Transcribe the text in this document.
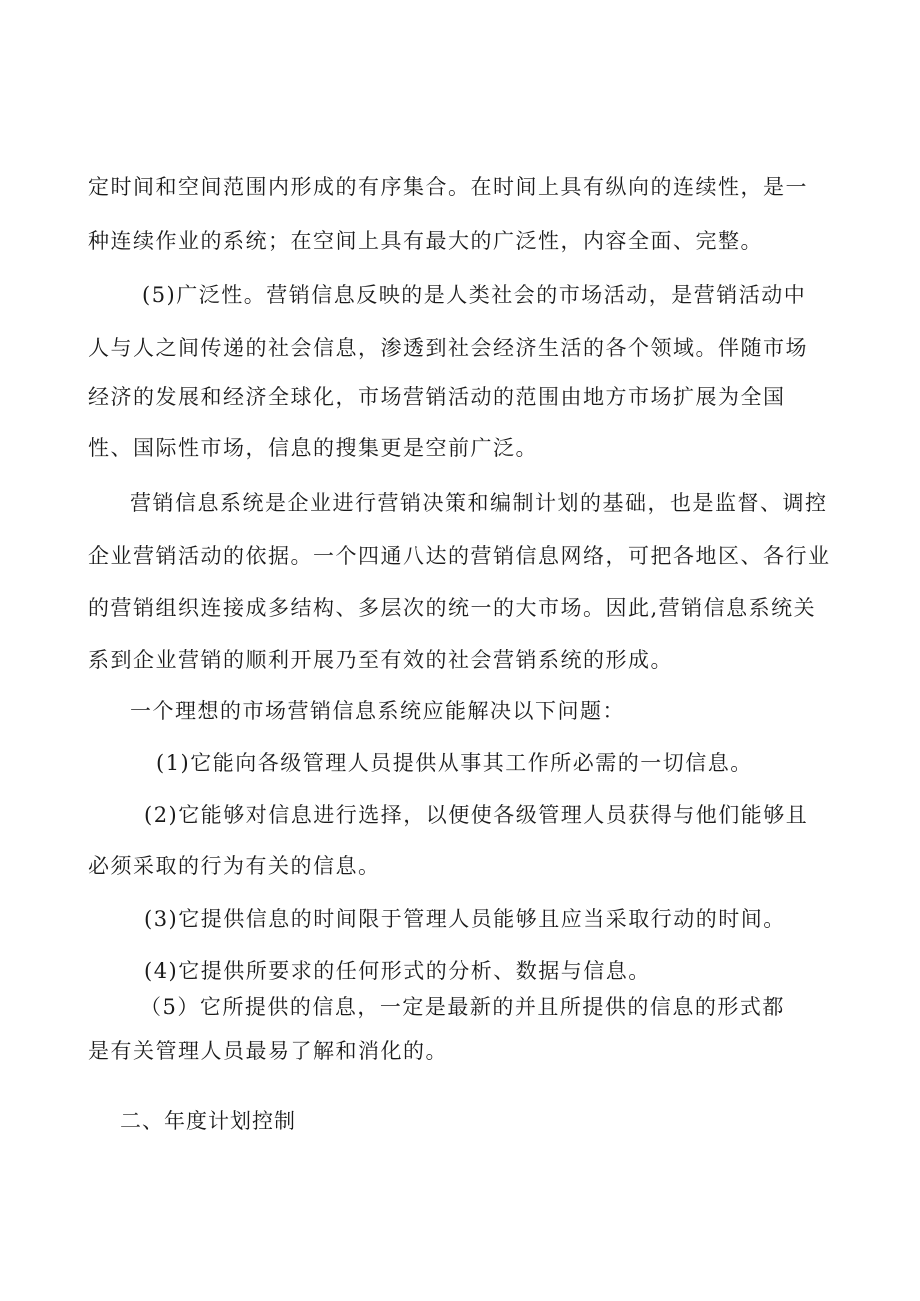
定时间和空间范围内形成的有序集合。在时间上具有纵向的连续性，是一

种连续作业的系统；在空间上具有最大的广泛性，内容全面、完整。

(5)广泛性。营销信息反映的是人类社会的市场活动，是营销活动中

人与人之间传递的社会信息，渗透到社会经济生活的各个领域。伴随市场

经济的发展和经济全球化，市场营销活动的范围由地方市场扩展为全国

性、国际性市场，信息的搜集更是空前广泛。

营销信息系统是企业进行营销决策和编制计划的基础，也是监督、调控

企业营销活动的依据。一个四通八达的营销信息网络，可把各地区、各行业

的营销组织连接成多结构、多层次的统一的大市场。因此,营销信息系统关

系到企业营销的顺利开展乃至有效的社会营销系统的形成。

一个理想的市场营销信息系统应能解决以下问题：

(1)它能向各级管理人员提供从事其工作所必需的一切信息。

(2)它能够对信息进行选择，以便使各级管理人员获得与他们能够且

必须采取的行为有关的信息。

(3)它提供信息的时间限于管理人员能够且应当采取行动的时间。

(4)它提供所要求的任何形式的分析、数据与信息。

（5）它所提供的信息，一定是最新的并且所提供的信息的形式都

是有关管理人员最易了解和消化的。

二、年度计划控制
